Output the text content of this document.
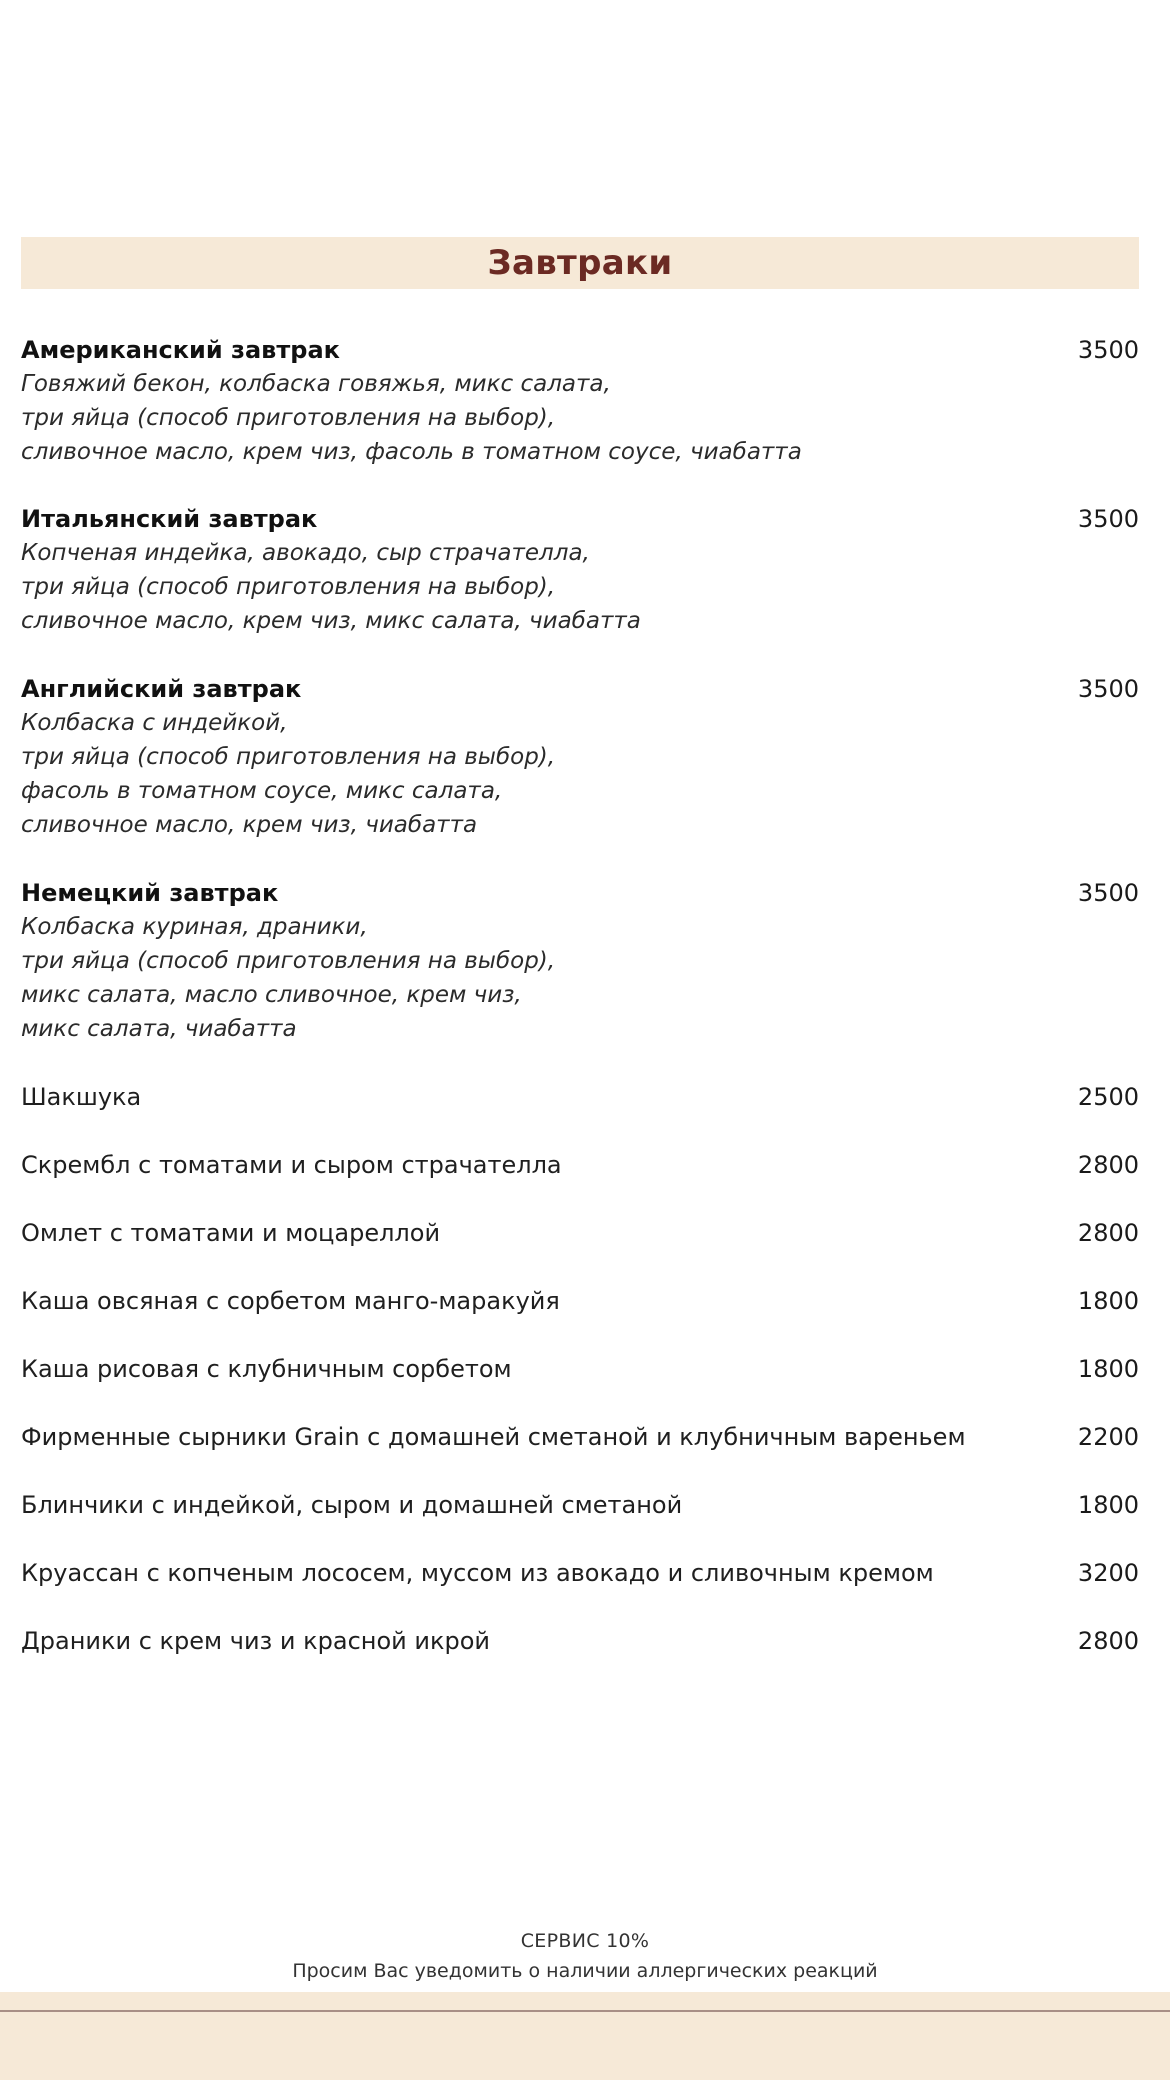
Завтраки
Американский завтрак	3500
Говяжий бекон, колбаска говяжья, микс салата,
три яйца (способ приготовления на выбор),
сливочное масло, крем чиз, фасоль в томатном соусе, чиабатта
Итальянский завтрак	3500
Копченая индейка, авокадо, сыр страчателла,
три яйца (способ приготовления на выбор),
сливочное масло, крем чиз, микс салата, чиабатта
Английский завтрак	3500
Колбаска с индейкой,
три яйца (способ приготовления на выбор),
фасоль в томатном соусе, микс салата,
сливочное масло, крем чиз, чиабатта
Немецкий завтрак	3500
Колбаска куриная, драники,
три яйца (способ приготовления на выбор),
микс салата, масло сливочное, крем чиз,
микс салата, чиабатта
Шакшука	2500
Скрембл с томатами и сыром страчателла	2800
Омлет с томатами и моцареллой	2800
Каша овсяная с сорбетом манго-маракуйя	1800
Каша рисовая с клубничным сорбетом	1800
Фирменные сырники Grain с домашней сметаной и клубничным вареньем	2200
Блинчики с индейкой, сыром и домашней сметаной	1800
Круассан с копченым лососем, муссом из авокадо и сливочным кремом	3200
Драники с крем чиз и красной икрой	2800
СЕРВИС 10%
Просим Вас уведомить о наличии аллергических реакций
